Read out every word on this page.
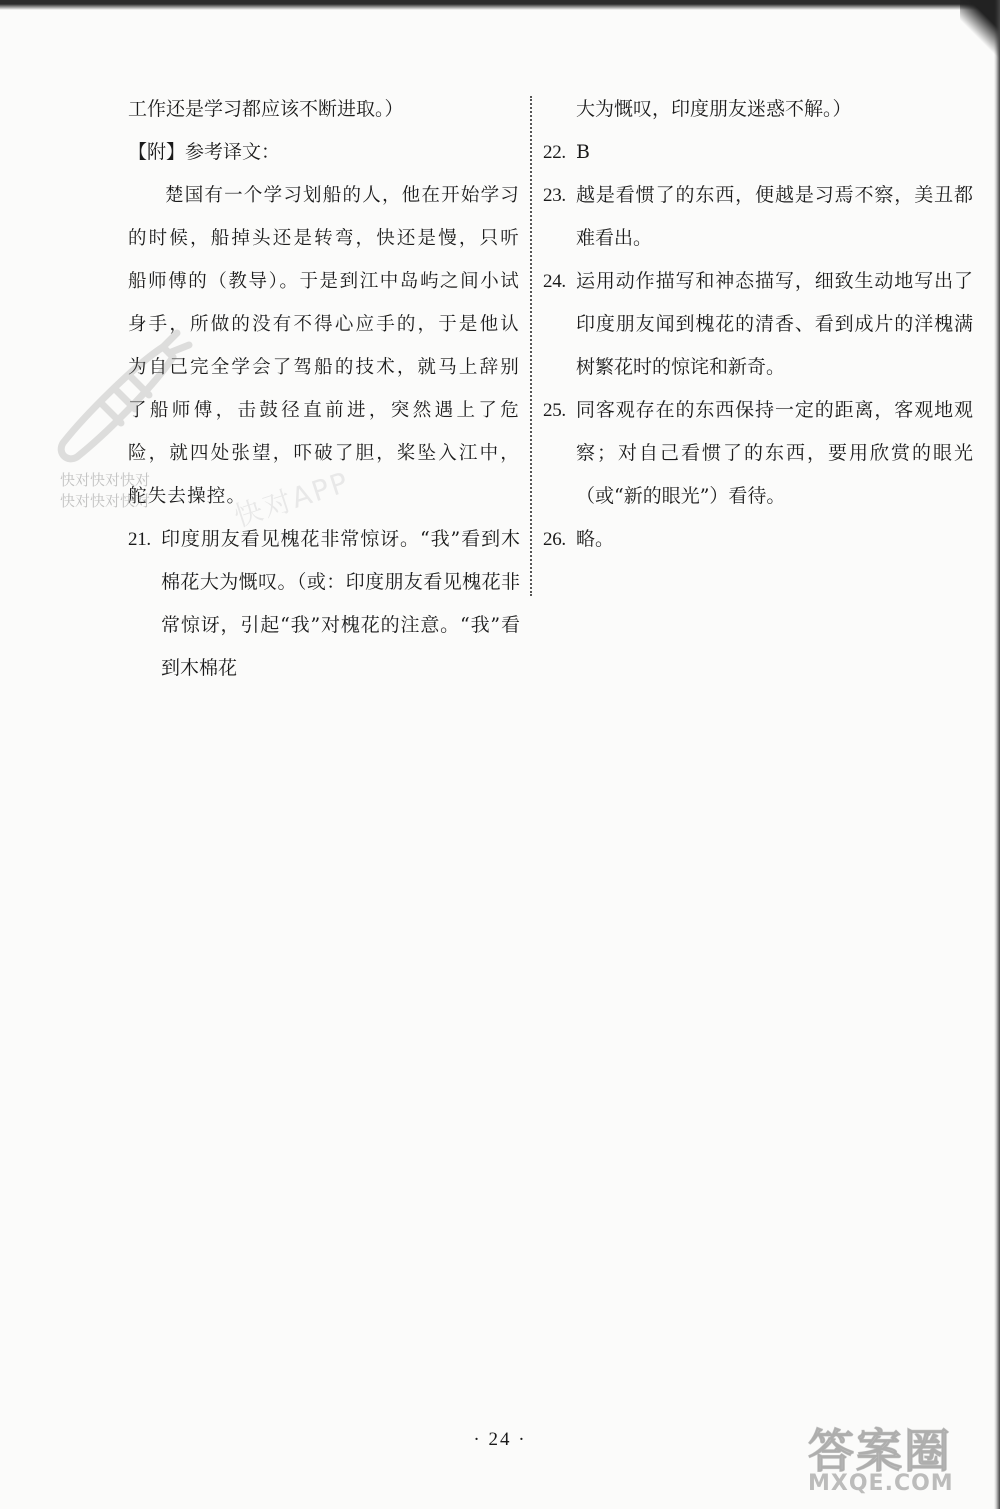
工作还是学习都应该不断进取。）

【附】参考译文：

楚国有一个学习划船的人，他在开始学习的时候，船掉头还是转弯，快还是慢，只听船师傅的（教导）。于是到江中岛屿之间小试身手，所做的没有不得心应手的，于是他认为自己完全学会了驾船的技术，就马上辞别了船师傅，击鼓径直前进，突然遇上了危险，就四处张望，吓破了胆，桨坠入江中，舵失去操控。

21. 印度朋友看见槐花非常惊讶。“我”看到木棉花大为慨叹。（或：印度朋友看见槐花非常惊讶，引起“我”对槐花的注意。“我”看到木棉花

大为慨叹，印度朋友迷惑不解。）

22. B

23. 越是看惯了的东西，便越是习焉不察，美丑都难看出。

24. 运用动作描写和神态描写，细致生动地写出了印度朋友闻到槐花的清香、看到成片的洋槐满树繁花时的惊诧和新奇。

25. 同客观存在的东西保持一定的距离，客观地观察；对自己看惯了的东西，要用欣赏的眼光（或“新的眼光”）看待。

26. 略。

快对快对快对
快对快对快对	快对APP
· 24 ·	答案圈
MXQE.COM
